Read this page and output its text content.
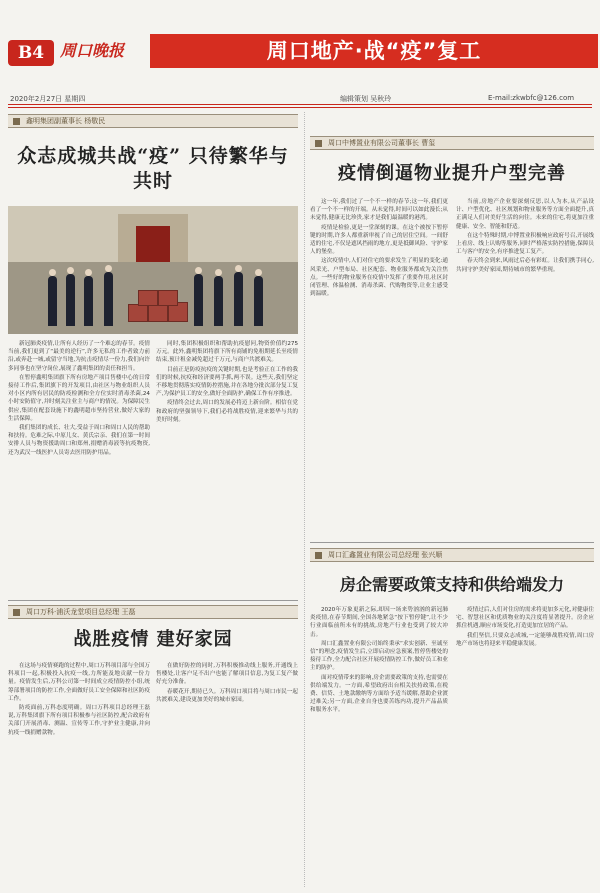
B4 周口晚报	周口地产·战“疫”复工
2020年2月27日 星期四	编辑策划 吴秋玲	E-mail:zkwbfc@126.com
鑫明集团副董事长 杨敬民
众志成城共战“疫” 只待繁华与共时

新冠肺炎疫情,让所有人经历了一个难忘的春节。疫情当前,我们更到了“最美的逆行”,许多无私的工作者致力前沿,或奔赴一城,或留守当地,为抗击疫情尽一份力,我们向许多同事也在坚守岗位,展现了鑫明集团的责任和担当。

在暂停鑫明集团旗下所有房地产项目售楼中心的日常接待工作后,集团旗下的开发项目,由社区与物业组织人员对小区内所有居民的防疫检测和全方位实时消毒杀菌,24小时安防值守,并时刻关注业主与商户的情况。为保障民生供应,集团在配套设施下的鑫明超市坚持营业,做好大家的生活保障。

我们集团的成长、壮大,受益于周口和周口人民的帮助和扶持。危难之际,中原儿女、黄氏宗亲、我们在第一时间安排人员与物资援助周口和郑州,捐赠消毒液等抗疫物资,还为武汉一线医护人员寄去医用防护用品。

同时,集团积极组织和帮助抗疫慰问,物资价值约275万元。此外,鑫明集团将旗下所有商铺的免租期延长至疫情结束,预计租金减免超过千万元,与商户共渡难关。

目前正是防疫抗疫的关键时期,也是考验正在工作的我们的时候,抗疫和经济要两手抓,两不误。这些天,我们坚定不移地贯彻落实疫情防控措施,并在各地分批次部分复工复产,为保护员工的安全,做好全面防护,确保工作有序推进。

疫情终会过去,周口的发展必将迈上新台阶。相信在党和政府的坚强领导下,我们必将战胜疫情,迎来繁华与共的美好时刻。

周口中博置业有限公司董事长 曹玺
疫情倒逼物业提升户型完善

这一年,我们过了一个不一样的春节;这一年,我们更看了一个不一样的开端。从未觉得,时间可以如此漫长;从未觉得,健康无比珍贵,家才是我们最温暖的港湾。

疫情是检验,更是一堂深刻的课。在这个被按下暂停键的时期,许多人都重新审视了自己的居住空间。一间舒适的住宅,不仅是遮风挡雨的地方,更是抵御风险、守护家人的堡垒。

这次疫情中,人们对住宅的要求发生了明显的变化:通风采光、户型布局、社区配套、物业服务都成为关注焦点。一些好的物业服务在疫情中发挥了重要作用,社区封闭管理、体温检测、消毒杀菌、代购物资等,让业主感受到温暖。

当前,房地产企业要深刻反思,以人为本,从产品设计、户型优化、社区规划和物业服务等方面全面提升,真正满足人们对美好生活的向往。未来的住宅,将更加注重健康、安全、智能和舒适。

在这个特殊时期,中博置业积极响应政府号召,开展线上看房、线上认购等服务,同时严格落实防控措施,保障员工与客户的安全,有序推进复工复产。

春天终会到来,风雨过后必有彩虹。让我们携手同心,共同守护美好家园,期待城市的繁华重现。

周口万科·浦沃龙堂项目总经理 王磊
战胜疫情 建好家园

在这场与疫情赛跑的过程中,周口万科项目部与全国万科项目一起,积极投入抗疫一线,力所能及地贡献一份力量。疫情发生后,万科公司第一时间成立疫情防控小组,统筹部署项目的防控工作,全面做好员工安全保障和社区防疫工作。

防疫面前,万科态度明确。周口万科项目总经理王磊说,万科集团旗下所有项目积极参与社区防控,配合政府有关部门开展消毒、测温、宣传等工作,守护业主健康,并向抗疫一线捐赠款物。

在做好防控的同时,万科积极推动线上服务,开通线上售楼处,让客户足不出户也能了解项目信息,为复工复产做好充分准备。

春暖花开,期待已久。万科周口项目将与周口市民一起共渡难关,建设更加美好的城市家园。

周口汇鑫置业有限公司总经理 张兴顺
房企需要政策支持和供给端发力

2020年万象更新之际,却因一场来势汹汹的新冠肺炎疫情,在春节期间,全国各地紧急“按下暂停键”,让不少行业面临前所未有的挑战,房地产行业也受到了较大冲击。

周口汇鑫置业有限公司始终秉承“求实创新、至诚至信”的理念,疫情发生后,立即启动应急预案,暂停售楼处的接待工作,全力配合社区开展疫情防控工作,做好员工和业主的防护。

面对疫情带来的影响,房企需要政策的支持,也需要在供给端发力。一方面,希望政府出台相关扶持政策,在税费、信贷、土地款缴纳等方面给予适当缓解,帮助企业渡过难关;另一方面,企业自身也要苦练内功,提升产品品质和服务水平。

疫情过后,人们对住房的需求将更加多元化,对健康住宅、智慧社区和优质物业的关注度将显著提升。房企应抓住机遇,顺应市场变化,打造更加宜居的产品。

我们坚信,只要众志成城,一定能够战胜疫情,周口房地产市场也将迎来平稳健康发展。
